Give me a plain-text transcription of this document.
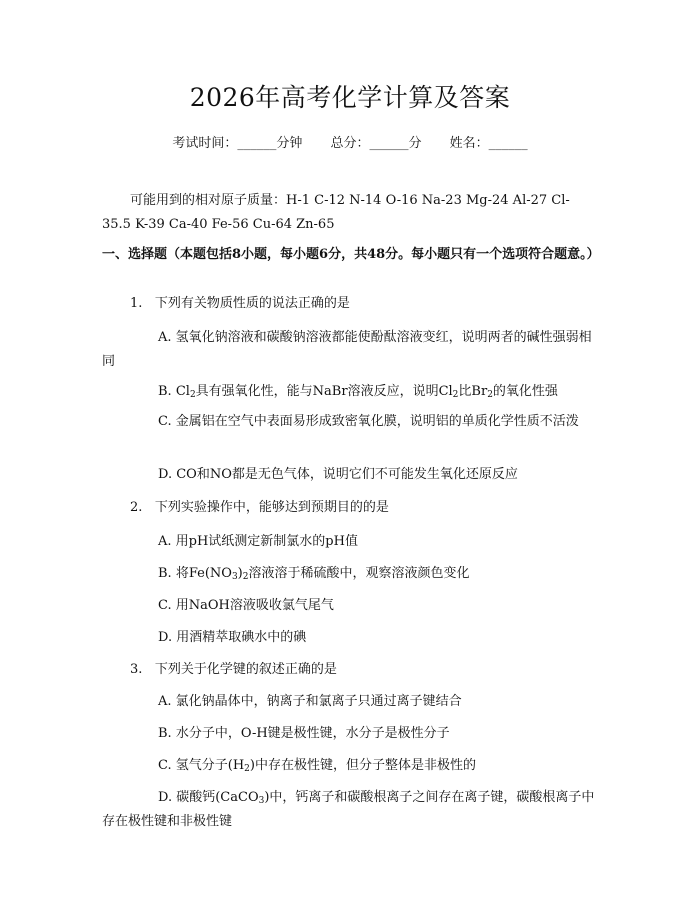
2026年高考化学计算及答案
考试时间：______分钟 总分：______分 姓名：______
可能用到的相对原子质量：H-1 C-12 N-14 O-16 Na-23 Mg-24 Al-27 Cl-35.5 K-39 Ca-40 Fe-56 Cu-64 Zn-65
一、选择题（本题包括8小题，每小题6分，共48分。每小题只有一个选项符合题意。）
1. 下列有关物质性质的说法正确的是
A. 氢氧化钠溶液和碳酸钠溶液都能使酚酞溶液变红，说明两者的碱性强弱相同
B. $Cl_2$具有强氧化性，能与NaBr溶液反应，说明$Cl_2$比$Br_2$的氧化性强
C. 金属铝在空气中表面易形成致密氧化膜，说明铝的单质化学性质不活泼
D. CO和NO都是无色气体，说明它们不可能发生氧化还原反应
2. 下列实验操作中，能够达到预期目的的是
A. 用pH试纸测定新制氯水的pH值
B. 将$Fe(NO_3)_2$溶液溶于稀硫酸中，观察溶液颜色变化
C. 用NaOH溶液吸收氯气尾气
D. 用酒精萃取碘水中的碘
3. 下列关于化学键的叙述正确的是
A. 氯化钠晶体中，钠离子和氯离子只通过离子键结合
B. 水分子中，O-H键是极性键，水分子是极性分子
C. 氢气分子$(H_2)$中存在极性键，但分子整体是非极性的
D. 碳酸钙(CaCO$_3$)中，钙离子和碳酸根离子之间存在离子键，碳酸根离子中存在极性键和非极性键
